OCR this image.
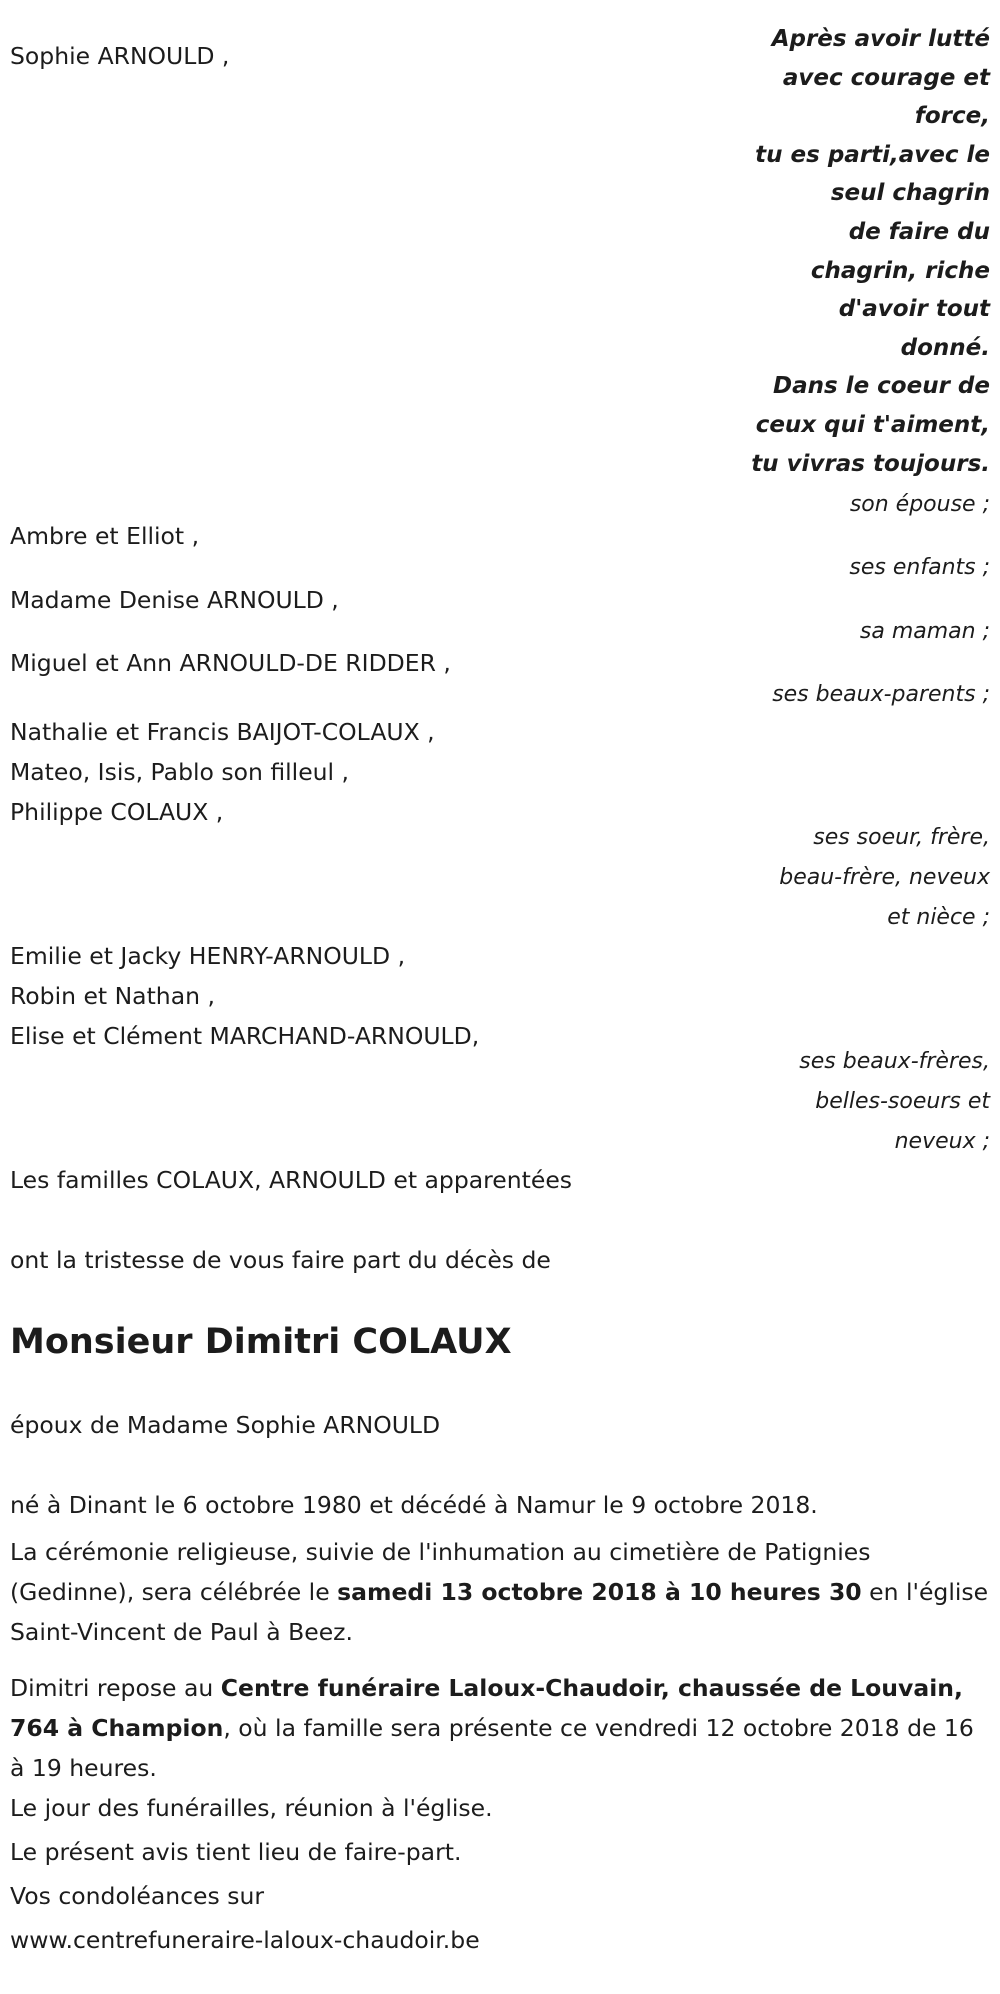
Après avoir lutté
avec courage et
force,
tu es parti,avec le
seul chagrin
de faire du
chagrin, riche
d'avoir tout
donné.
Dans le coeur de
ceux qui t'aiment,
tu vivras toujours.
Sophie ARNOULD ,
son épouse ;
Ambre et Elliot ,
ses enfants ;
Madame Denise ARNOULD ,
sa maman ;
Miguel et Ann ARNOULD-DE RIDDER ,
ses beaux-parents ;
Nathalie et Francis BAIJOT-COLAUX ,
Mateo, Isis, Pablo son filleul ,
Philippe COLAUX ,
ses soeur, frère,
beau-frère, neveux
et nièce ;
Emilie et Jacky HENRY-ARNOULD ,
Robin et Nathan ,
Elise et Clément MARCHAND-ARNOULD,
ses beaux-frères,
belles-soeurs et
neveux ;
Les familles COLAUX, ARNOULD et apparentées
ont la tristesse de vous faire part du décès de
Monsieur Dimitri COLAUX
époux de Madame Sophie ARNOULD
né à Dinant le 6 octobre 1980 et décédé à Namur le 9 octobre 2018.
La cérémonie religieuse, suivie de l'inhumation au cimetière de Patignies (Gedinne), sera célébrée le samedi 13 octobre 2018 à 10 heures 30 en l'église Saint-Vincent de Paul à Beez.
Dimitri repose au Centre funéraire Laloux-Chaudoir, chaussée de Louvain, 764 à Champion, où la famille sera présente ce vendredi 12 octobre 2018 de 16 à 19 heures.
Le jour des funérailles, réunion à l'église.
Le présent avis tient lieu de faire-part.
Vos condoléances sur
www.centrefuneraire-laloux-chaudoir.be
